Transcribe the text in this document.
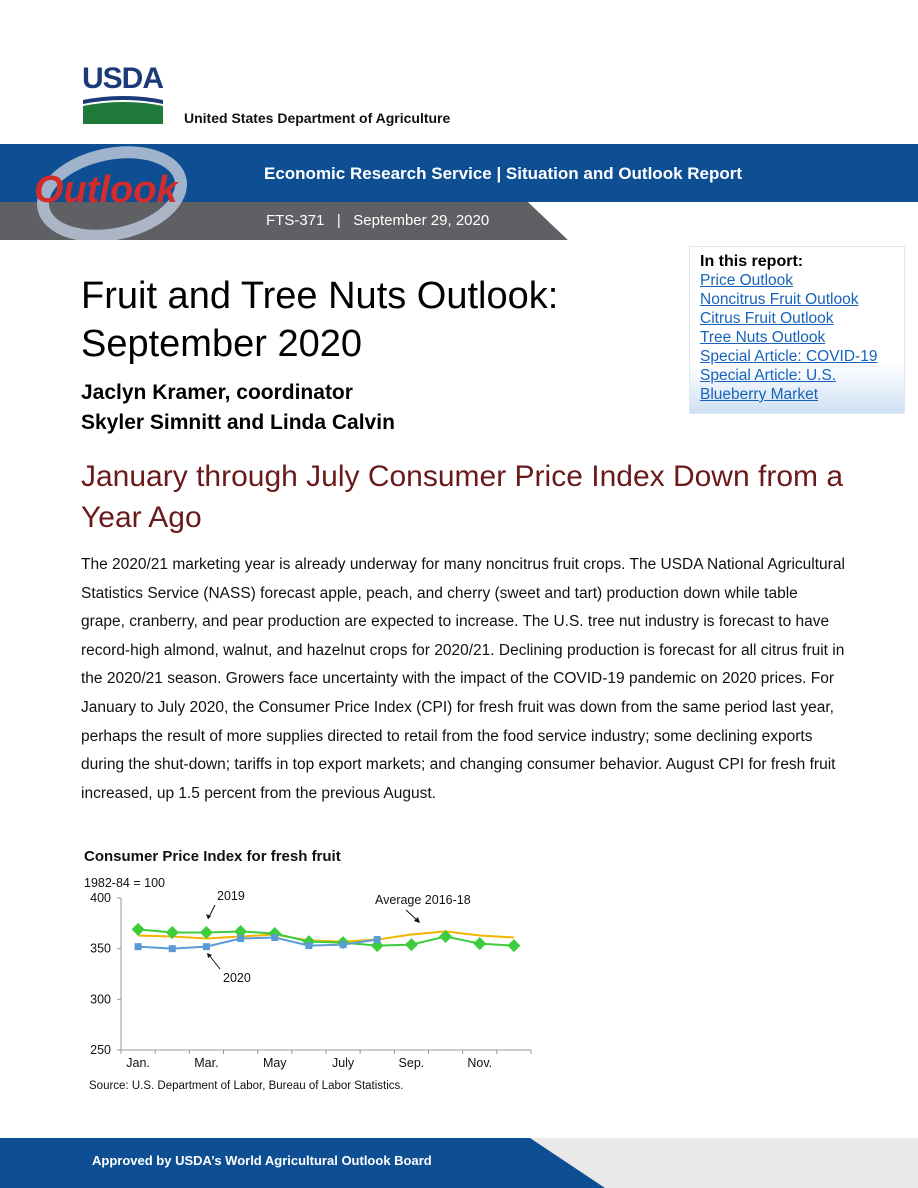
USDA
United States Department of Agriculture
Outlook	Economic Research Service | Situation and Outlook Report
FTS-371   |   September 29, 2020
In this report:
Price Outlook
Noncitrus Fruit Outlook
Citrus Fruit Outlook
Tree Nuts Outlook
Special Article: COVID-19
Special Article: U.S.
Blueberry Market
Fruit and Tree Nuts Outlook:
September 2020
Jaclyn Kramer, coordinator
Skyler Simnitt and Linda Calvin
January through July Consumer Price Index Down from a Year Ago
The 2020/21 marketing year is already underway for many noncitrus fruit crops. The USDA National Agricultural Statistics Service (NASS) forecast apple, peach, and cherry (sweet and tart) production down while table grape, cranberry, and pear production are expected to increase. The U.S. tree nut industry is forecast to have record-high almond, walnut, and hazelnut crops for 2020/21. Declining production is forecast for all citrus fruit in the 2020/21 season. Growers face uncertainty with the impact of the COVID-19 pandemic on 2020 prices. For January to July 2020, the Consumer Price Index (CPI) for fresh fruit was down from the same period last year, perhaps the result of more supplies directed to retail from the food service industry; some declining exports during the shut-down; tariffs in top export markets; and changing consumer behavior. August CPI for fresh fruit increased, up 1.5 percent from the previous August.
Consumer Price Index for fresh fruit
1982-84 = 100
250
300
350
400
Jan.	Mar.	May	July	Sep.	Nov.
2019	Average 2016-18
2020
Source: U.S. Department of Labor, Bureau of Labor Statistics.
Approved by USDA’s World Agricultural Outlook Board
